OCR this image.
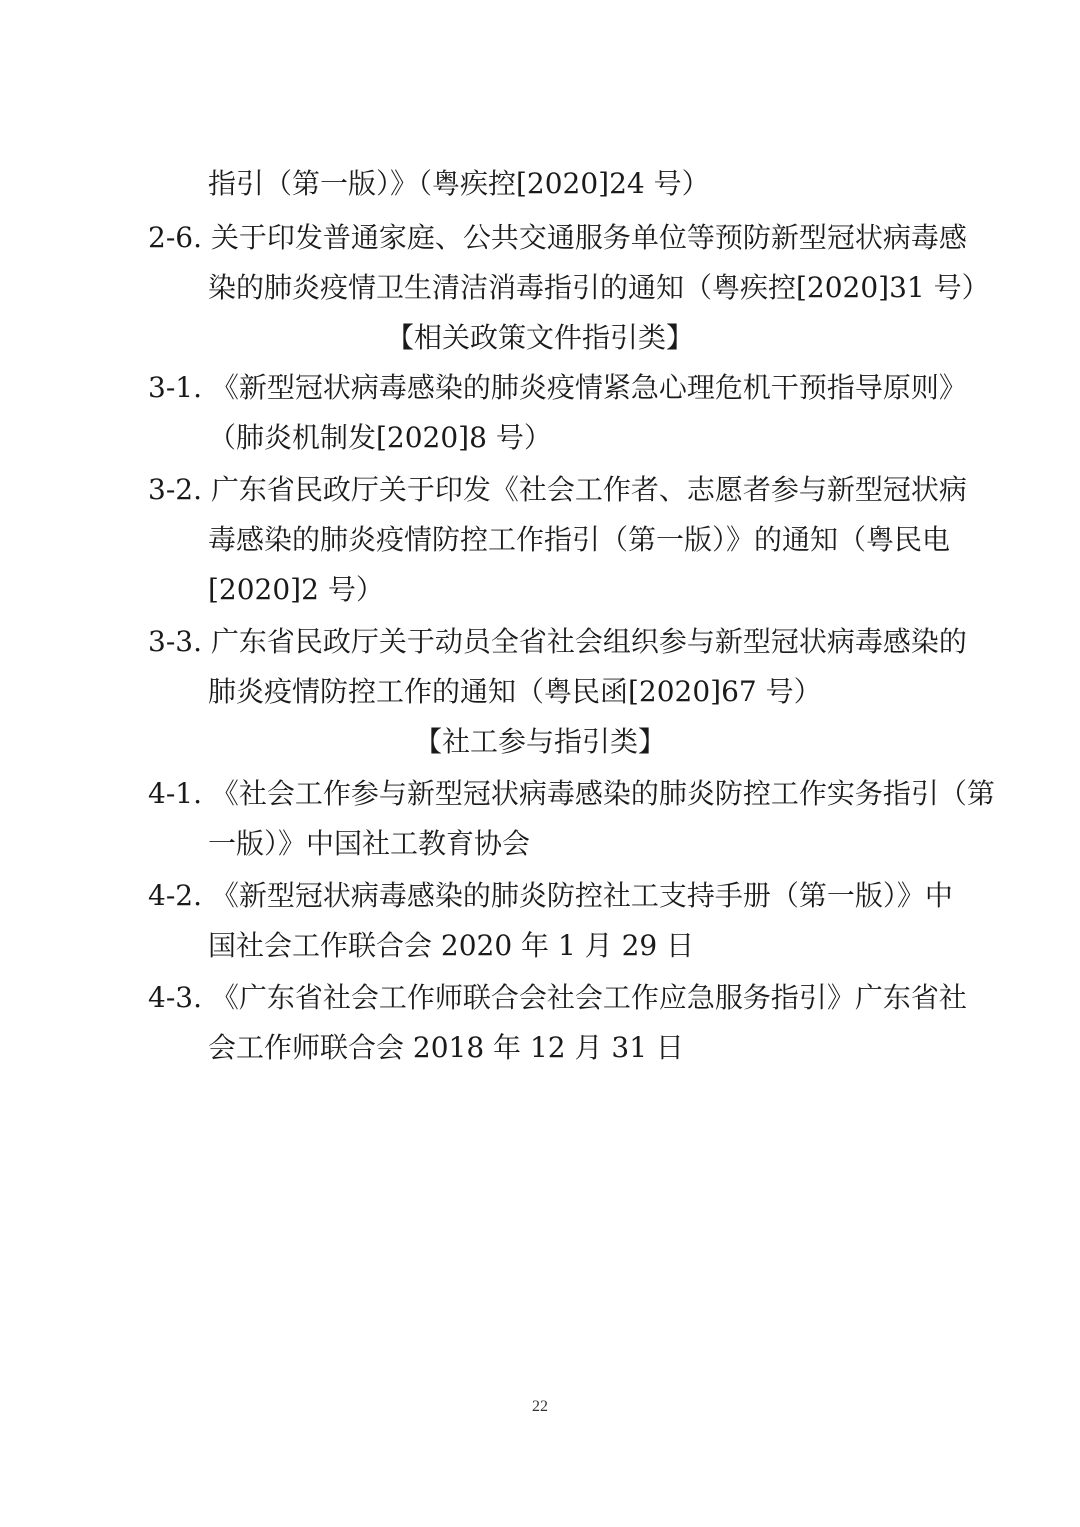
指引（第一版）》（粤疾控[2020]24 号）
2-6. 关于印发普通家庭、公共交通服务单位等预防新型冠状病毒感
染的肺炎疫情卫生清洁消毒指引的通知（粤疾控[2020]31 号）
【相关政策文件指引类】
3-1. 《新型冠状病毒感染的肺炎疫情紧急心理危机干预指导原则》
（肺炎机制发[2020]8 号）
3-2. 广东省民政厅关于印发《社会工作者、志愿者参与新型冠状病
毒感染的肺炎疫情防控工作指引（第一版）》的通知（粤民电
[2020]2 号）
3-3. 广东省民政厅关于动员全省社会组织参与新型冠状病毒感染的
肺炎疫情防控工作的通知（粤民函[2020]67 号）
【社工参与指引类】
4-1. 《社会工作参与新型冠状病毒感染的肺炎防控工作实务指引（第
一版）》中国社工教育协会
4-2. 《新型冠状病毒感染的肺炎防控社工支持手册（第一版）》中
国社会工作联合会 2020 年 1 月 29 日
4-3. 《广东省社会工作师联合会社会工作应急服务指引》广东省社
会工作师联合会 2018 年 12 月 31 日
22
